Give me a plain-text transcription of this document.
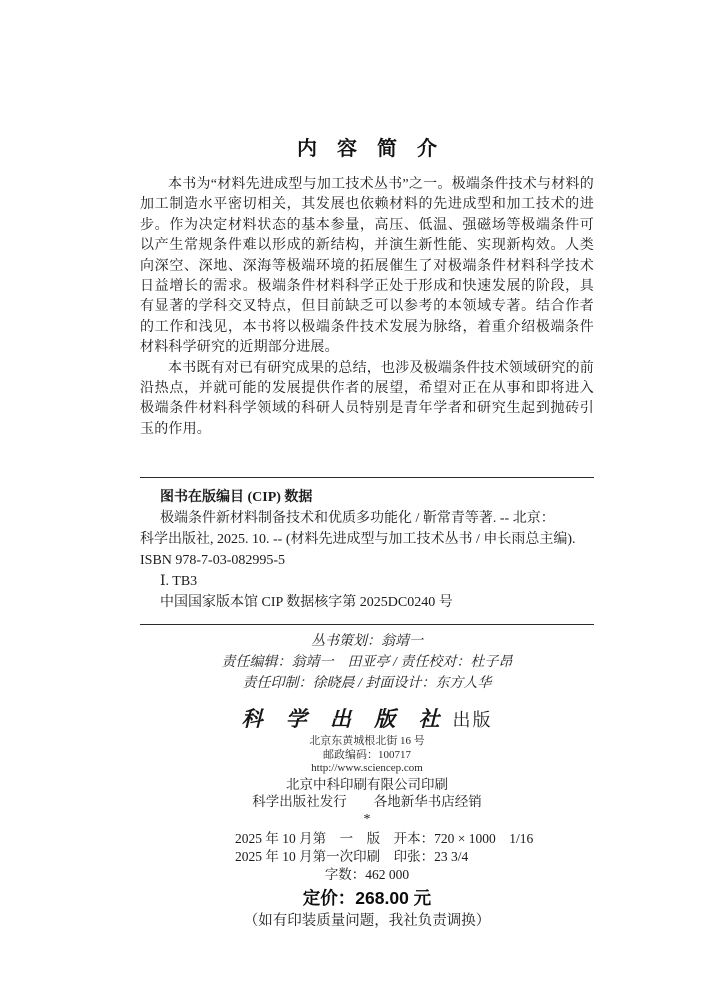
内　容　简　介

本书为“材料先进成型与加工技术丛书”之一。极端条件技术与材料的加工制造水平密切相关，其发展也依赖材料的先进成型和加工技术的进步。作为决定材料状态的基本参量，高压、低温、强磁场等极端条件可以产生常规条件难以形成的新结构，并演生新性能、实现新构效。人类向深空、深地、深海等极端环境的拓展催生了对极端条件材料科学技术日益增长的需求。极端条件材料科学正处于形成和快速发展的阶段，具有显著的学科交叉特点，但目前缺乏可以参考的本领域专著。结合作者的工作和浅见，本书将以极端条件技术发展为脉络，着重介绍极端条件材料科学研究的近期部分进展。

本书既有对已有研究成果的总结，也涉及极端条件技术领域研究的前沿热点，并就可能的发展提供作者的展望，希望对正在从事和即将进入极端条件材料科学领域的科研人员特别是青年学者和研究生起到抛砖引玉的作用。

图书在版编目 (CIP) 数据

极端条件新材料制备技术和优质多功能化 / 靳常青等著. -- 北京：

科学出版社, 2025. 10. -- (材料先进成型与加工技术丛书 / 申长雨总主编).

ISBN 978-7-03-082995-5

Ⅰ. TB3

中国国家版本馆 CIP 数据核字第 2025DC0240 号

丛书策划：翁靖一

责任编辑：翁靖一　田亚亭 / 责任校对：杜子昂

责任印制：徐晓晨 / 封面设计：东方人华

科 学 出 版 社 出版

北京东黄城根北街 16 号

邮政编码：100717

http://www.sciencep.com

北京中科印刷有限公司印刷

科学出版社发行　　各地新华书店经销

*

2025 年 10 月第　一　版　开本：720 × 1000　1/16

2025 年 10 月第一次印刷　印张：23 3/4

字数：462 000

定价：268.00 元

（如有印装质量问题，我社负责调换）
